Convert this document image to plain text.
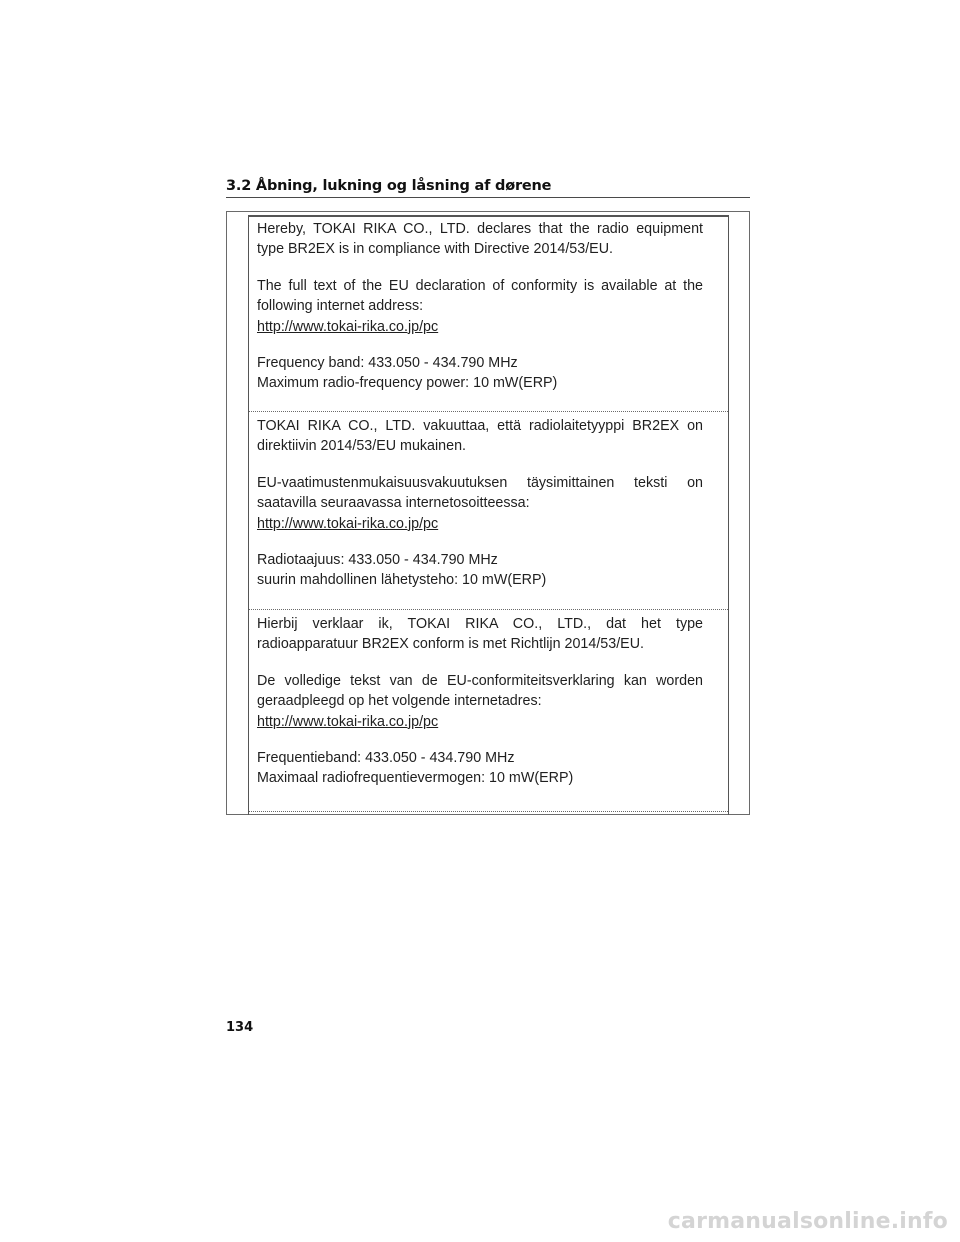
3.2 Åbning, lukning og låsning af dørene

Hereby, TOKAI RIKA CO., LTD. declares that the radio equipment type BR2EX is in compliance with Directive 2014/53/EU.

The full text of the EU declaration of conformity is available at the following internet address:

http://www.tokai-rika.co.jp/pc

Frequency band: 433.050 - 434.790 MHz

Maximum radio-frequency power: 10 mW(ERP)

TOKAI RIKA CO., LTD. vakuuttaa, että radiolaitetyyppi BR2EX on direktiivin 2014/53/EU mukainen.

EU-vaatimustenmukaisuusvakuutuksen täysimittainen teksti on saatavilla seuraavassa internetosoitteessa:

http://www.tokai-rika.co.jp/pc

Radiotaajuus: 433.050 - 434.790 MHz

suurin mahdollinen lähetysteho: 10 mW(ERP)

Hierbij verklaar ik, TOKAI RIKA CO., LTD., dat het type radioapparatuur BR2EX conform is met Richtlijn 2014/53/EU.

De volledige tekst van de EU-conformiteitsverklaring kan worden geraadpleegd op het volgende internetadres:

http://www.tokai-rika.co.jp/pc

Frequentieband: 433.050 - 434.790 MHz

Maximaal radiofrequentievermogen: 10 mW(ERP)

134
carmanualsonline.info
